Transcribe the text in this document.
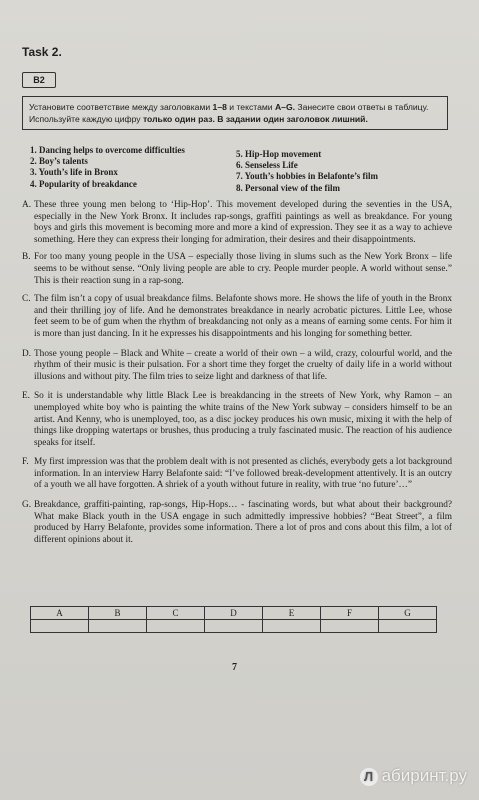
Task 2.
B2
Установите соответствие между заголовками 1–8 и текстами A–G. Занесите свои ответы в таблицу. Используйте каждую цифру только один раз. В задании один заголовок лишний.
1. Dancing helps to overcome difficulties
2. Boy’s talents
3. Youth’s life in Bronx
4. Popularity of breakdance
5. Hip-Hop movement
6. Senseless Life
7. Youth’s hobbies in Belafonte’s film
8. Personal view of the film
A. These three young men belong to ‘Hip-Hop’. This movement developed during the seventies in the USA, especially in the New York Bronx. It includes rap-songs, graffiti paintings as well as breakdance. For young boys and girls this movement is becoming more and more a kind of expression. They see it as a way to achieve something. Here they can express their longing for admiration, their desires and their disappointments.
B. For too many young people in the USA – especially those living in slums such as the New York Bronx – life seems to be without sense. “Only living people are able to cry. People murder people. A world without sense.” This is their reaction sung in a rap-song.
C. The film isn’t a copy of usual breakdance films. Belafonte shows more. He shows the life of youth in the Bronx and their thrilling joy of life. And he demonstrates breakdance in nearly acrobatic pictures. Little Lee, whose feet seem to be of gum when the rhythm of breakdancing not only as a means of earning some cents. For him it is more than just dancing. In it he expresses his disappointments and his longing for something better.
D. Those young people – Black and White – create a world of their own – a wild, crazy, colourful world, and the rhythm of their music is their pulsation. For a short time they forget the cruelty of daily life in a world without illusions and without pity. The film tries to seize light and darkness of that life.
E. So it is understandable why little Black Lee is breakdancing in the streets of New York, why Ramon – an unemployed white boy who is painting the white trains of the New York subway – considers himself to be an artist. And Kenny, who is unemployed, too, as a disc jockey produces his own music, mixing it with the help of things like dropping watertaps or brushes, thus producing a truly fascinated music. The reaction of his audience speaks for itself.
F. My first impression was that the problem dealt with is not presented as clichés, everybody gets a lot background information. In an interview Harry Belafonte said: “I’ve followed break-development attentively. It is an outcry of a youth we all have forgotten. A shriek of a youth without future in reality, with true ‘no future’…”
G. Breakdance, graffiti-painting, rap-songs, Hip-Hops… - fascinating words, but what about their background? What make Black youth in the USA engage in such admittedly impressive hobbies? “Beat Street”, a film produced by Harry Belafonte, provides some information. There a lot of pros and cons about this film, a lot of different opinions about it.
A	B	C	D	E	F	G

7
Л абиринт.ру
